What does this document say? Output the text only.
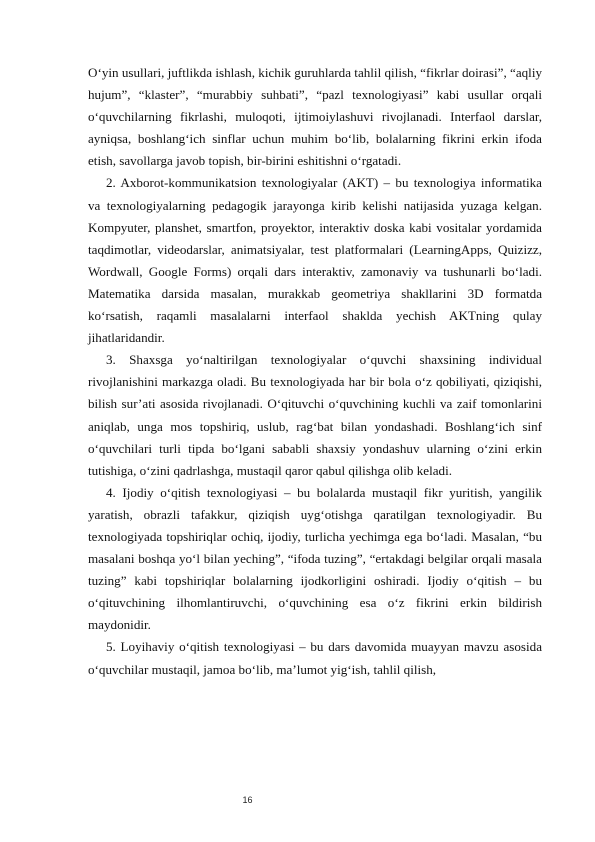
O‘yin usullari, juftlikda ishlash, kichik guruhlarda tahlil qilish, “fikrlar doirasi”, “aqliy hujum”, “klaster”, “murabbiy suhbati”, “pazl texnologiyasi” kabi usullar orqali o‘quvchilarning fikrlashi, muloqoti, ijtimoiylashuvi rivojlanadi. Interfaol darslar, ayniqsa, boshlang‘ich sinflar uchun muhim bo‘lib, bolalarning fikrini erkin ifoda etish, savollarga javob topish, bir-birini eshitishni o‘rgatadi.

2. Axborot-kommunikatsion texnologiyalar (AKT) – bu texnologiya informatika va texnologiyalarning pedagogik jarayonga kirib kelishi natijasida yuzaga kelgan. Kompyuter, planshet, smartfon, proyektor, interaktiv doska kabi vositalar yordamida taqdimotlar, videodarslar, animatsiyalar, test platformalari (LearningApps, Quizizz, Wordwall, Google Forms) orqali dars interaktiv, zamonaviy va tushunarli bo‘ladi. Matematika darsida masalan, murakkab geometriya shakllarini 3D formatda ko‘rsatish, raqamli masalalarni interfaol shaklda yechish AKTning qulay jihatlaridandir.

3. Shaxsga yo‘naltirilgan texnologiyalar o‘quvchi shaxsining individual rivojlanishini markazga oladi. Bu texnologiyada har bir bola o‘z qobiliyati, qiziqishi, bilish sur’ati asosida rivojlanadi. O‘qituvchi o‘quvchining kuchli va zaif tomonlarini aniqlab, unga mos topshiriq, uslub, rag‘bat bilan yondashadi. Boshlang‘ich sinf o‘quvchilari turli tipda bo‘lgani sababli shaxsiy yondashuv ularning o‘zini erkin tutishiga, o‘zini qadrlashga, mustaqil qaror qabul qilishga olib keladi.

4. Ijodiy o‘qitish texnologiyasi – bu bolalarda mustaqil fikr yuritish, yangilik yaratish, obrazli tafakkur, qiziqish uyg‘otishga qaratilgan texnologiyadir. Bu texnologiyada topshiriqlar ochiq, ijodiy, turlicha yechimga ega bo‘ladi. Masalan, “bu masalani boshqa yo‘l bilan yeching”, “ifoda tuzing”, “ertakdagi belgilar orqali masala tuzing” kabi topshiriqlar bolalarning ijodkorligini oshiradi. Ijodiy o‘qitish – bu o‘qituvchining ilhomlantiruvchi, o‘quvchining esa o‘z fikrini erkin bildirish maydonidir.

5. Loyihaviy o‘qitish texnologiyasi – bu dars davomida muayyan mavzu asosida o‘quvchilar mustaqil, jamoa bo‘lib, ma’lumot yig‘ish, tahlil qilish,

16
